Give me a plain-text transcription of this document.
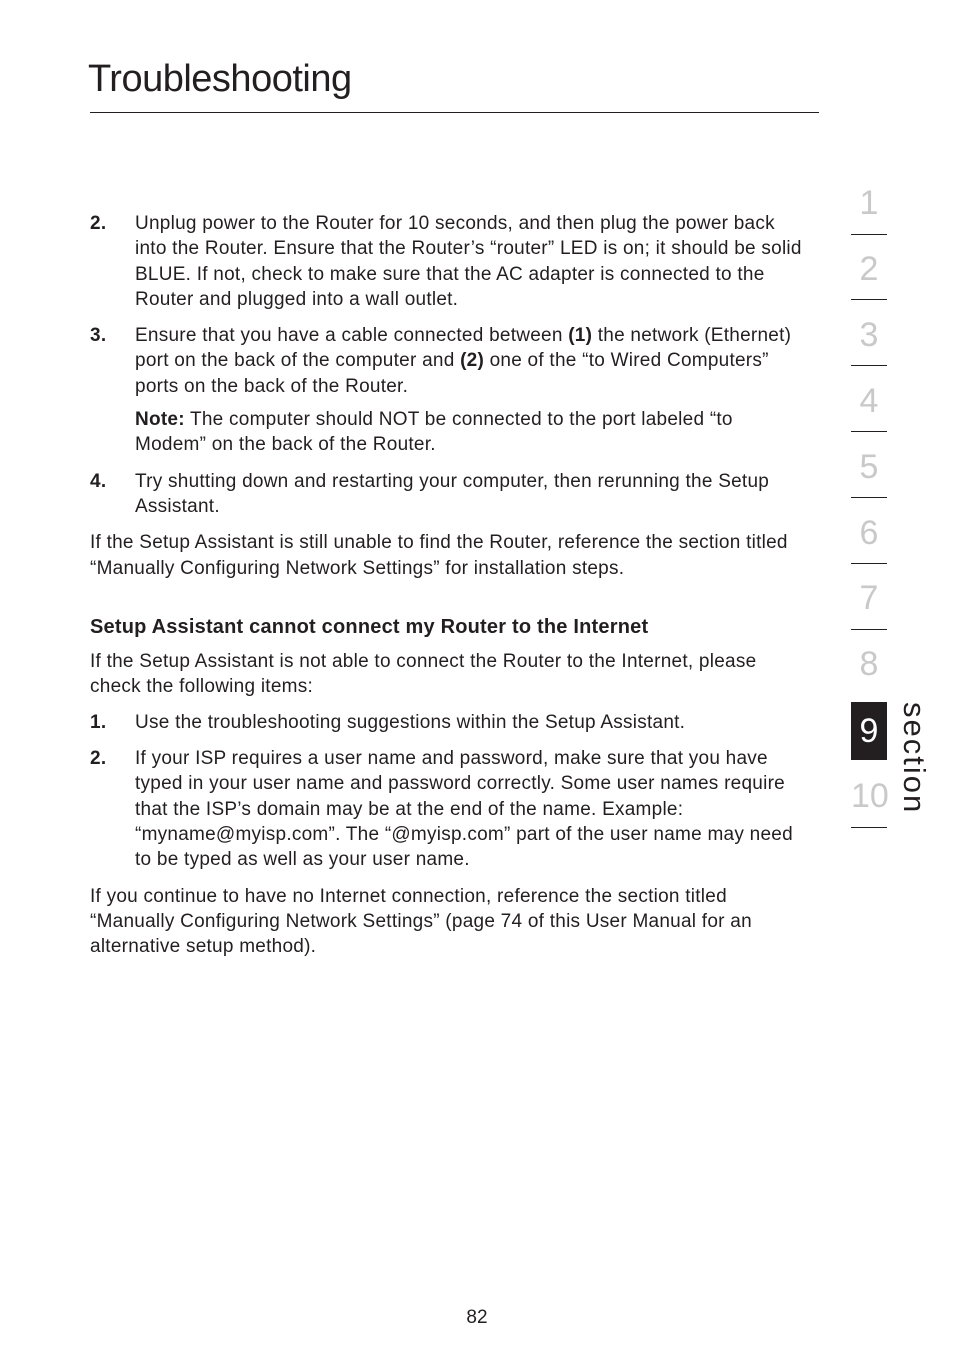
Troubleshooting
2.	Unplug power to the Router for 10 seconds, and then plug the power back into the Router. Ensure that the Router’s “router” LED is on; it should be solid BLUE. If not, check to make sure that the AC adapter is connected to the Router and plugged into a wall outlet.
3.	Ensure that you have a cable connected between (1) the network (Ethernet) port on the back of the computer and (2) one of the “to Wired Computers” ports on the back of the Router.
Note: The computer should NOT be connected to the port labeled “to Modem” on the back of the Router.
4.	Try shutting down and restarting your computer, then rerunning the Setup Assistant.

If the Setup Assistant is still unable to find the Router, reference the section titled “Manually Configuring Network Settings” for installation steps.

Setup Assistant cannot connect my Router to the Internet

If the Setup Assistant is not able to connect the Router to the Internet, please check the following items:

1.	Use the troubleshooting suggestions within the Setup Assistant.
2.	If your ISP requires a user name and password, make sure that you have typed in your user name and password correctly. Some user names require that the ISP’s domain may be at the end of the name. Example: “myname@myisp.com”. The “@myisp.com” part of the user name may need to be typed as well as your user name.

If you continue to have no Internet connection, reference the section titled “Manually Configuring Network Settings” (page 74 of this User Manual for an alternative setup method).

1
2
3
4
5
6
7
8
9
10 section
82
